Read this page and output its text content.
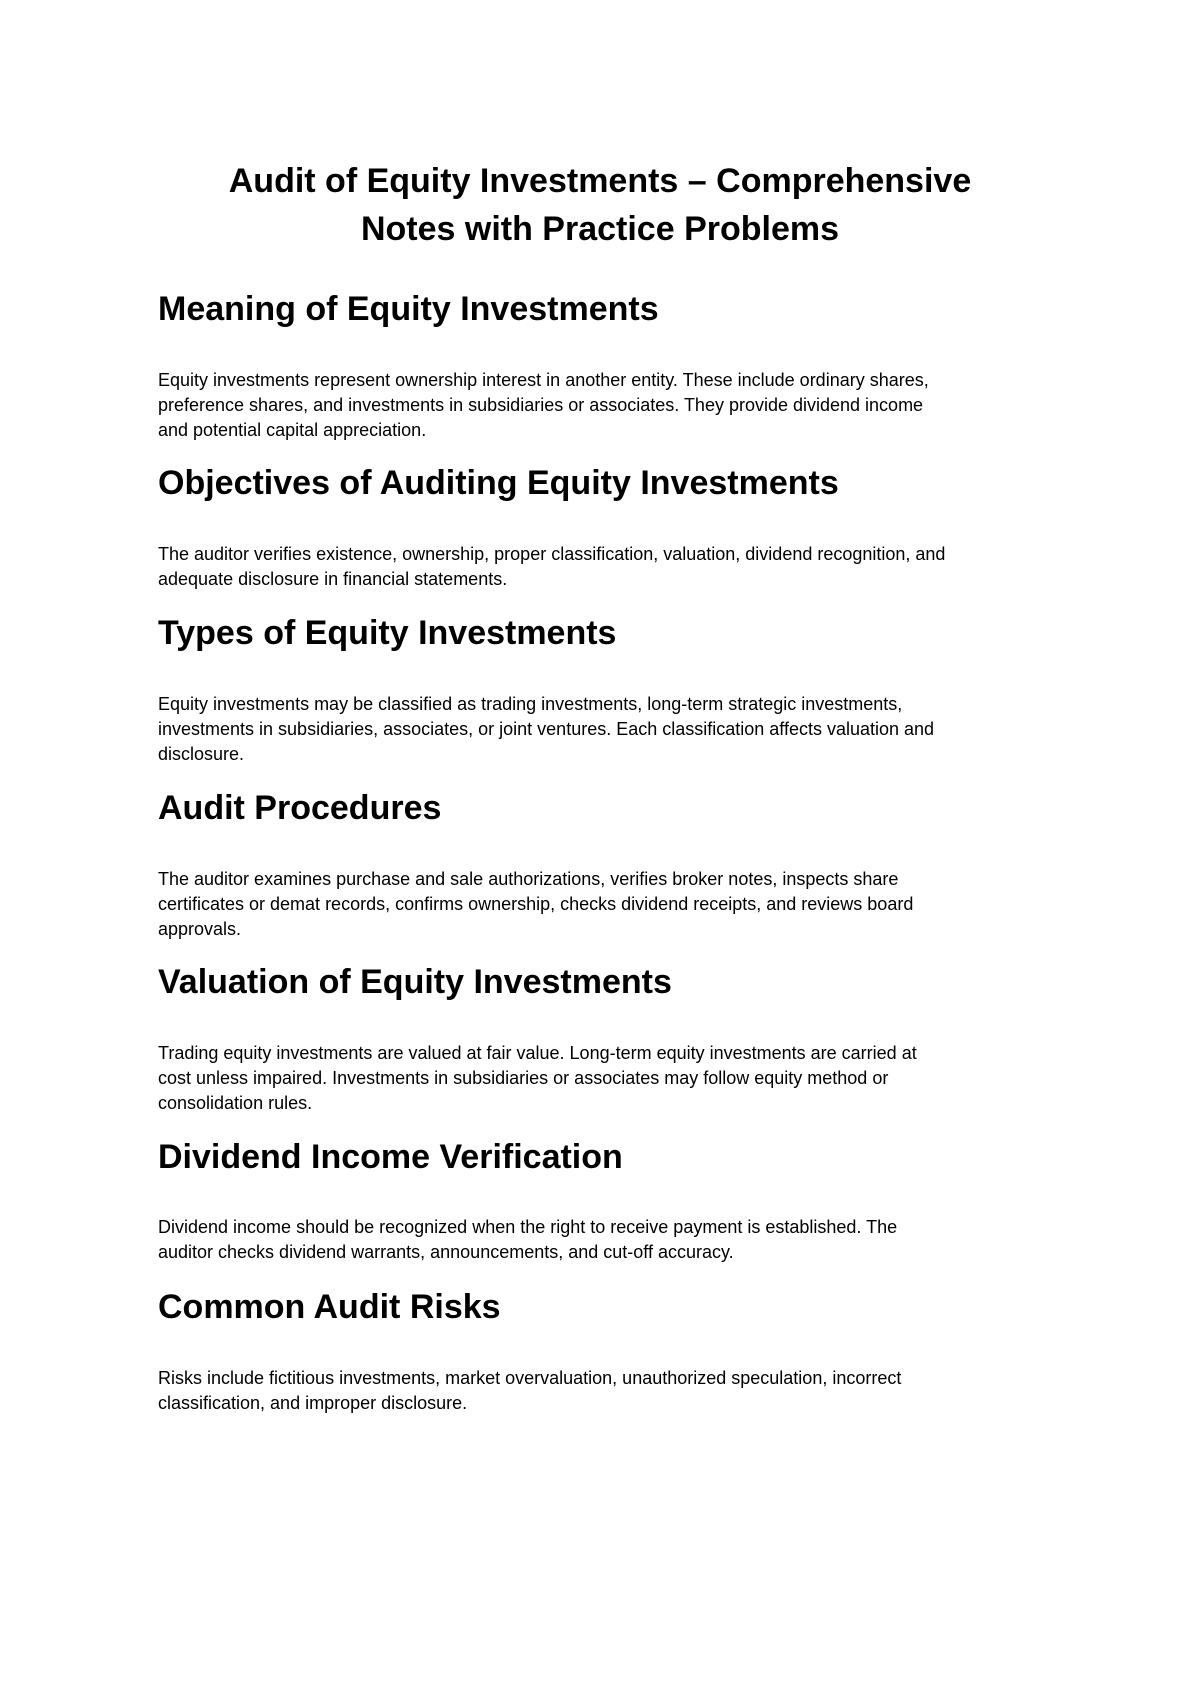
Audit of Equity Investments – Comprehensive
Notes with Practice Problems
Meaning of Equity Investments

Equity investments represent ownership interest in another entity. These include ordinary shares,
preference shares, and investments in subsidiaries or associates. They provide dividend income
and potential capital appreciation.

Objectives of Auditing Equity Investments

The auditor verifies existence, ownership, proper classification, valuation, dividend recognition, and
adequate disclosure in financial statements.

Types of Equity Investments

Equity investments may be classified as trading investments, long-term strategic investments,
investments in subsidiaries, associates, or joint ventures. Each classification affects valuation and
disclosure.

Audit Procedures

The auditor examines purchase and sale authorizations, verifies broker notes, inspects share
certificates or demat records, confirms ownership, checks dividend receipts, and reviews board
approvals.

Valuation of Equity Investments

Trading equity investments are valued at fair value. Long-term equity investments are carried at
cost unless impaired. Investments in subsidiaries or associates may follow equity method or
consolidation rules.

Dividend Income Verification

Dividend income should be recognized when the right to receive payment is established. The
auditor checks dividend warrants, announcements, and cut-off accuracy.

Common Audit Risks

Risks include fictitious investments, market overvaluation, unauthorized speculation, incorrect
classification, and improper disclosure.
